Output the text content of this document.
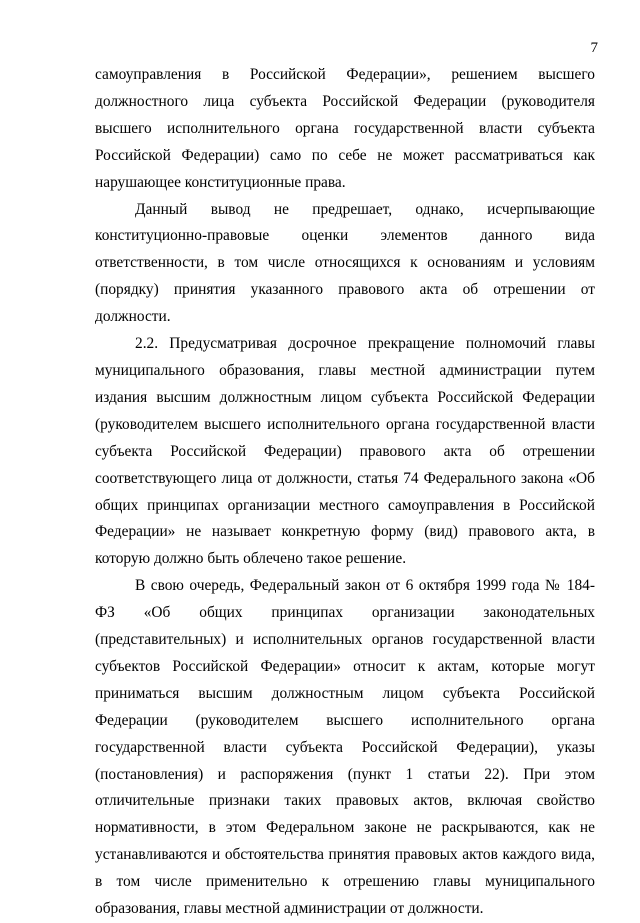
7

самоуправления в Российской Федерации», решением высшего должностного лица субъекта Российской Федерации (руководителя высшего исполнительного органа государственной власти субъекта Российской Федерации) само по себе не может рассматриваться как нарушающее конституционные права.

Данный вывод не предрешает, однако, исчерпывающие конституционно-правовые оценки элементов данного вида ответственности, в том числе относящихся к основаниям и условиям (порядку) принятия указанного правового акта об отрешении от должности.

2.2. Предусматривая досрочное прекращение полномочий главы муниципального образования, главы местной администрации путем издания высшим должностным лицом субъекта Российской Федерации (руководителем высшего исполнительного органа государственной власти субъекта Российской Федерации) правового акта об отрешении соответствующего лица от должности, статья 74 Федерального закона «Об общих принципах организации местного самоуправления в Российской Федерации» не называет конкретную форму (вид) правового акта, в которую должно быть облечено такое решение.

В свою очередь, Федеральный закон от 6 октября 1999 года № 184-ФЗ «Об общих принципах организации законодательных (представительных) и исполнительных органов государственной власти субъектов Российской Федерации» относит к актам, которые могут приниматься высшим должностным лицом субъекта Российской Федерации (руководителем высшего исполнительного органа государственной власти субъекта Российской Федерации), указы (постановления) и распоряжения (пункт 1 статьи 22). При этом отличительные признаки таких правовых актов, включая свойство нормативности, в этом Федеральном законе не раскрываются, как не устанавливаются и обстоятельства принятия правовых актов каждого вида, в том числе применительно к отрешению главы муниципального образования, главы местной администрации от должности.
